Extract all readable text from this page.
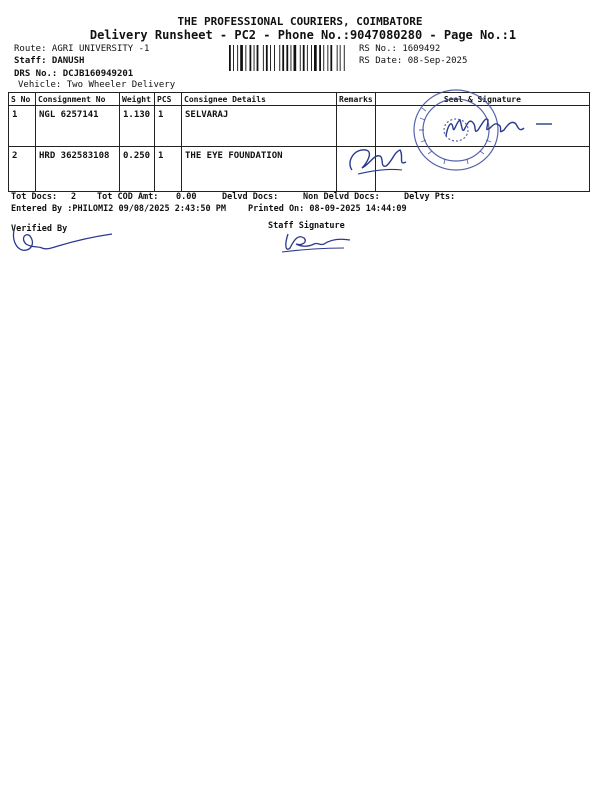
THE PROFESSIONAL COURIERS, COIMBATORE
Delivery Runsheet - PC2 - Phone No.:9047080280 - Page No.:1
Route: AGRI UNIVERSITY -1
Staff: DANUSH
DRS No.: DCJB160949201
Vehicle: Two Wheeler Delivery
RS No.: 1609492
RS Date: 08-Sep-2025
S No	Consignment No	Weight	PCS	Consignee Details	Remarks	Seal & Signature
1	NGL 6257141	1.130	1	SELVARAJ		
2	HRD 362583108	0.250	1	THE EYE FOUNDATION		
Tot Docs: 2 Tot COD Amt: 0.00	Delvd Docs:	Non Delvd Docs:	Delvy Pts:
Entered By :PHILOMI2 09/08/2025 2:43:50 PM	Printed On: 08-09-2025 14:44:09
Verified By	Staff Signature
